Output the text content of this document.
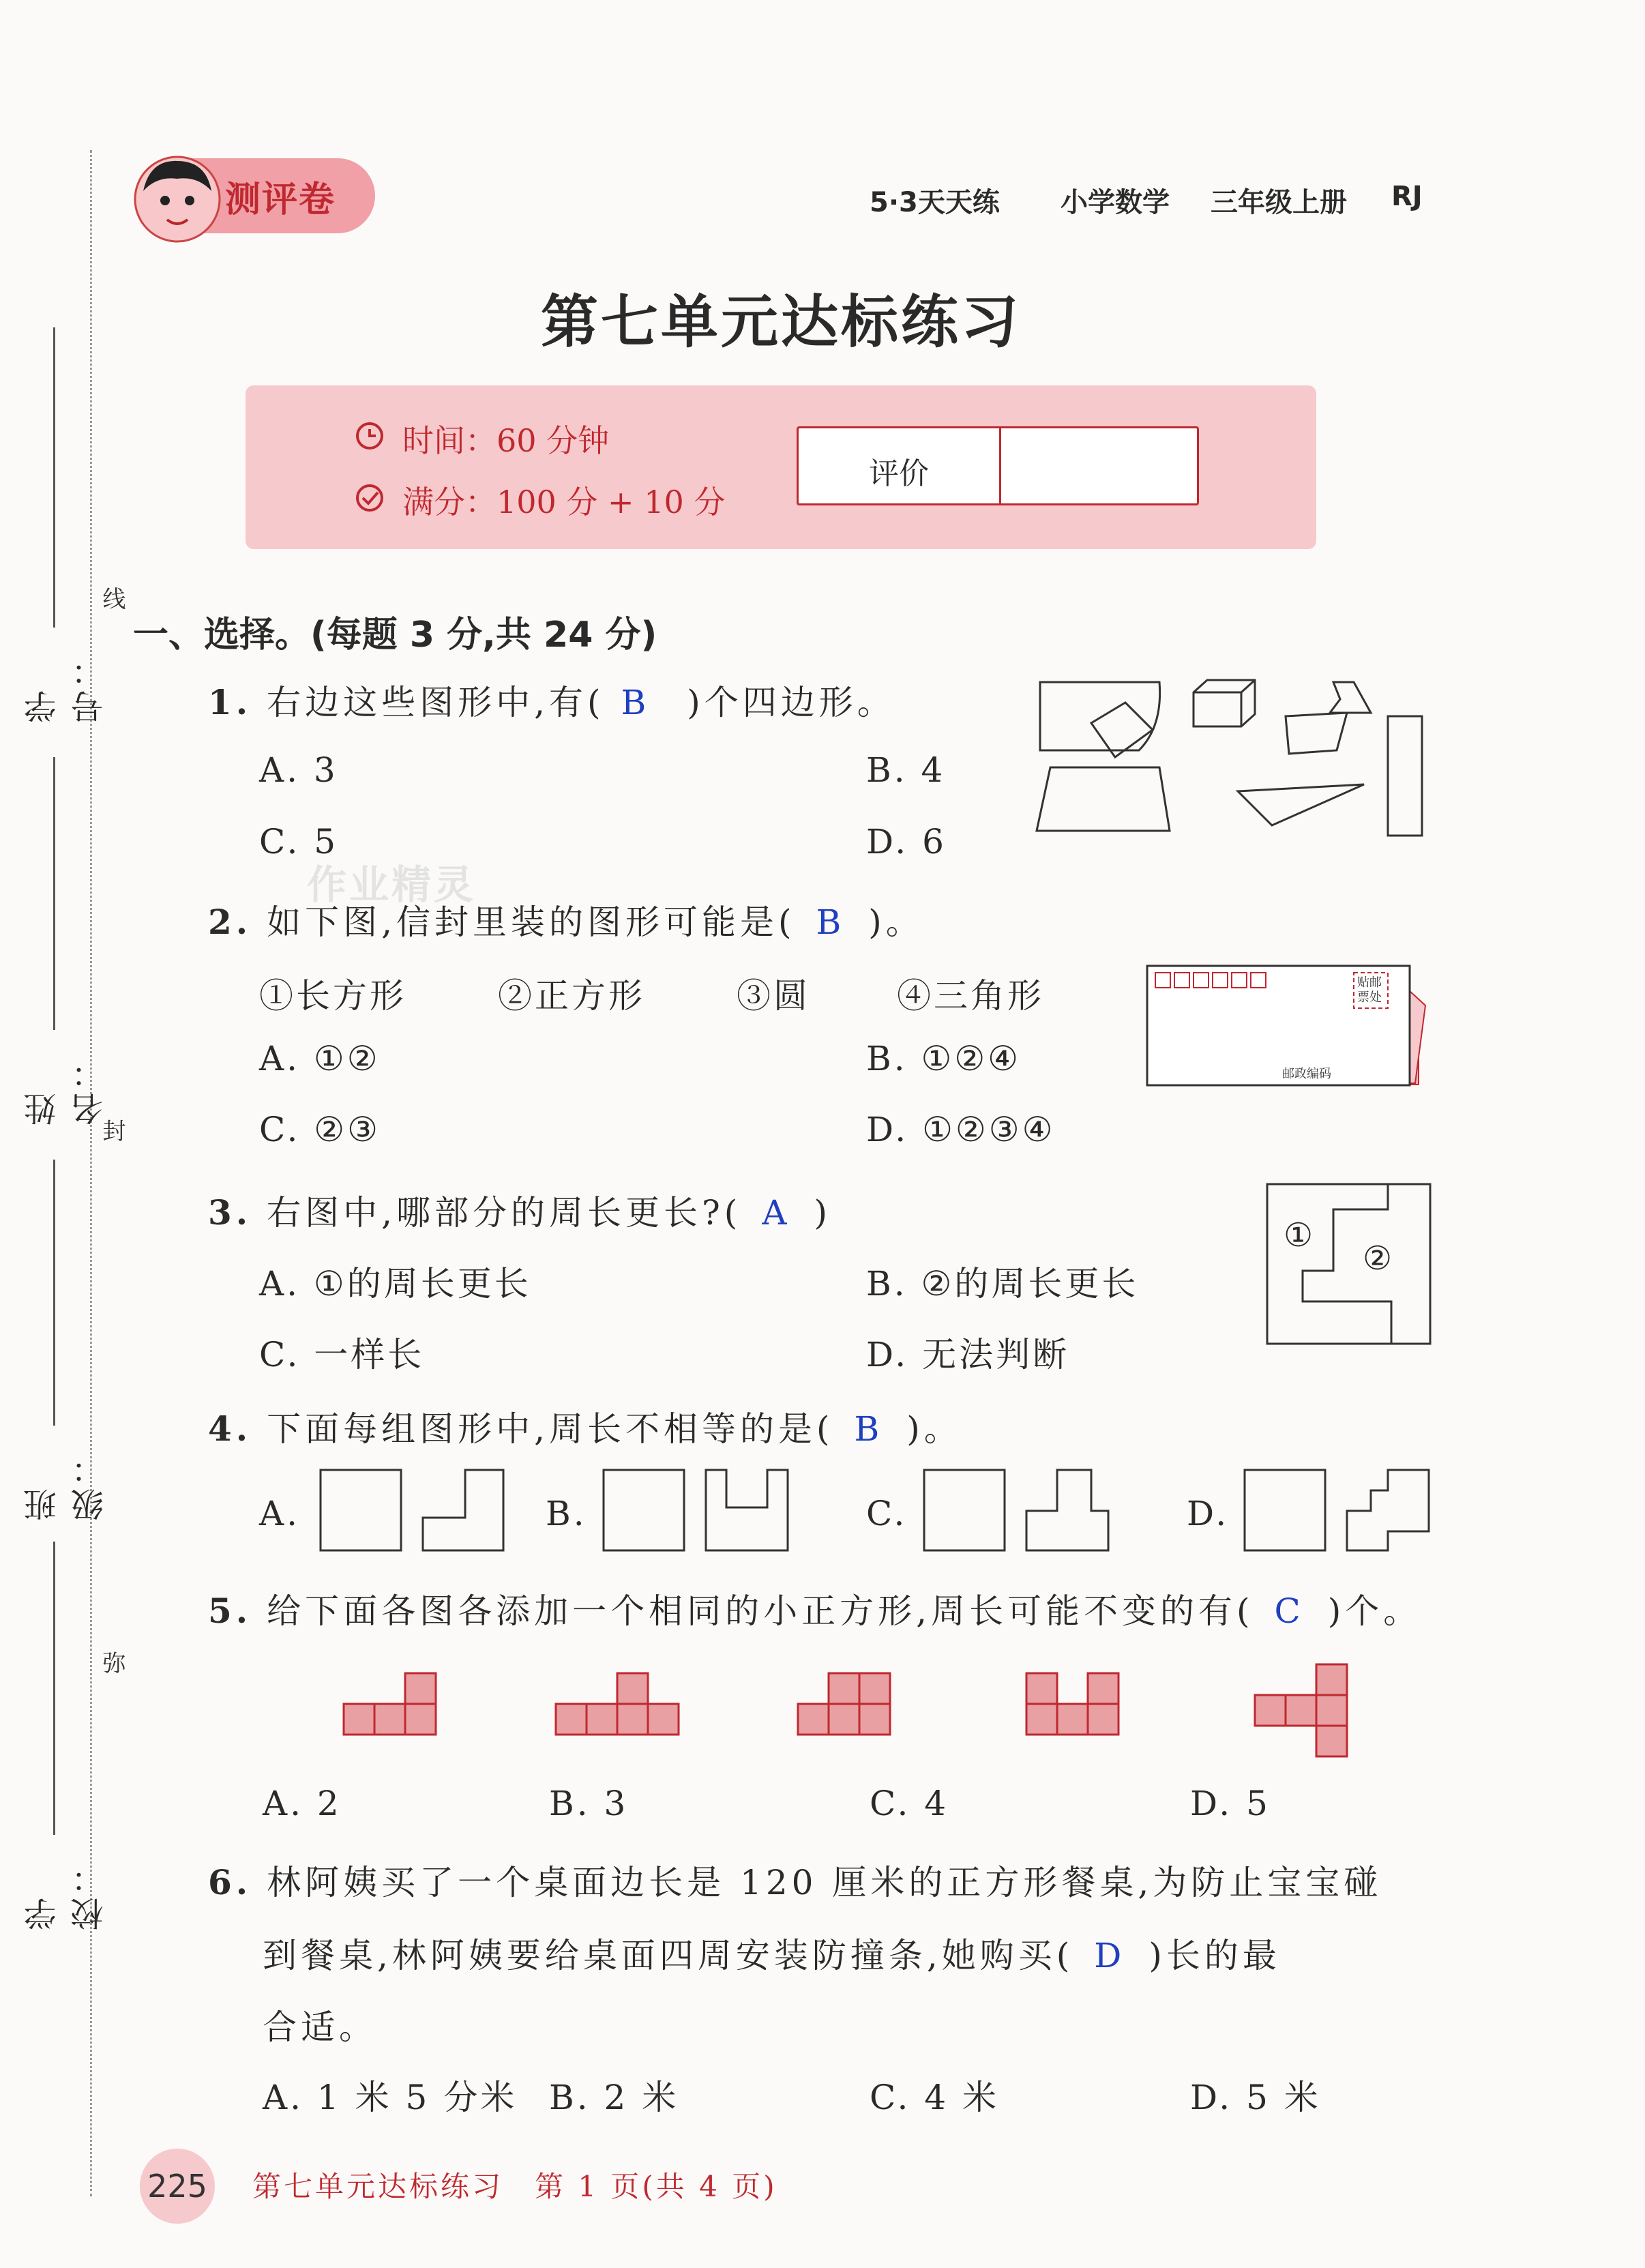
学号：
姓名：
班级：
学校：
线
封
弥
测评卷	5·3天天练 小学数学 三年级上册 RJ
第七单元达标练习
时间：60 分钟
满分：100 分 + 10 分
评价
一、选择。(每题 3 分,共 24 分)
1. 右边这些图形中,有( B )个四边形。
A. 3	B. 4
C. 5	D. 6
作业精灵
2. 如下图,信封里装的图形可能是( B )。
①长方形	②正方形	③圆	④三角形
A. ①②	B. ①②④
C. ②③	D. ①②③④
贴邮票处
邮政编码
3. 右图中,哪部分的周长更长?( A )
A. ①的周长更长	B. ②的周长更长
C. 一样长	D. 无法判断
①
②
4. 下面每组图形中,周长不相等的是( B )。
A.	B.	C.	D.
5. 给下面各图各添加一个相同的小正方形,周长可能不变的有( C )个。
A. 2	B. 3	C. 4	D. 5
6. 林阿姨买了一个桌面边长是 120 厘米的正方形餐桌,为防止宝宝碰
到餐桌,林阿姨要给桌面四周安装防撞条,她购买( D )长的最
合适。
A. 1 米 5 分米 B. 2 米	C. 4 米	D. 5 米
225 第七单元达标练习　第 1 页(共 4 页)
